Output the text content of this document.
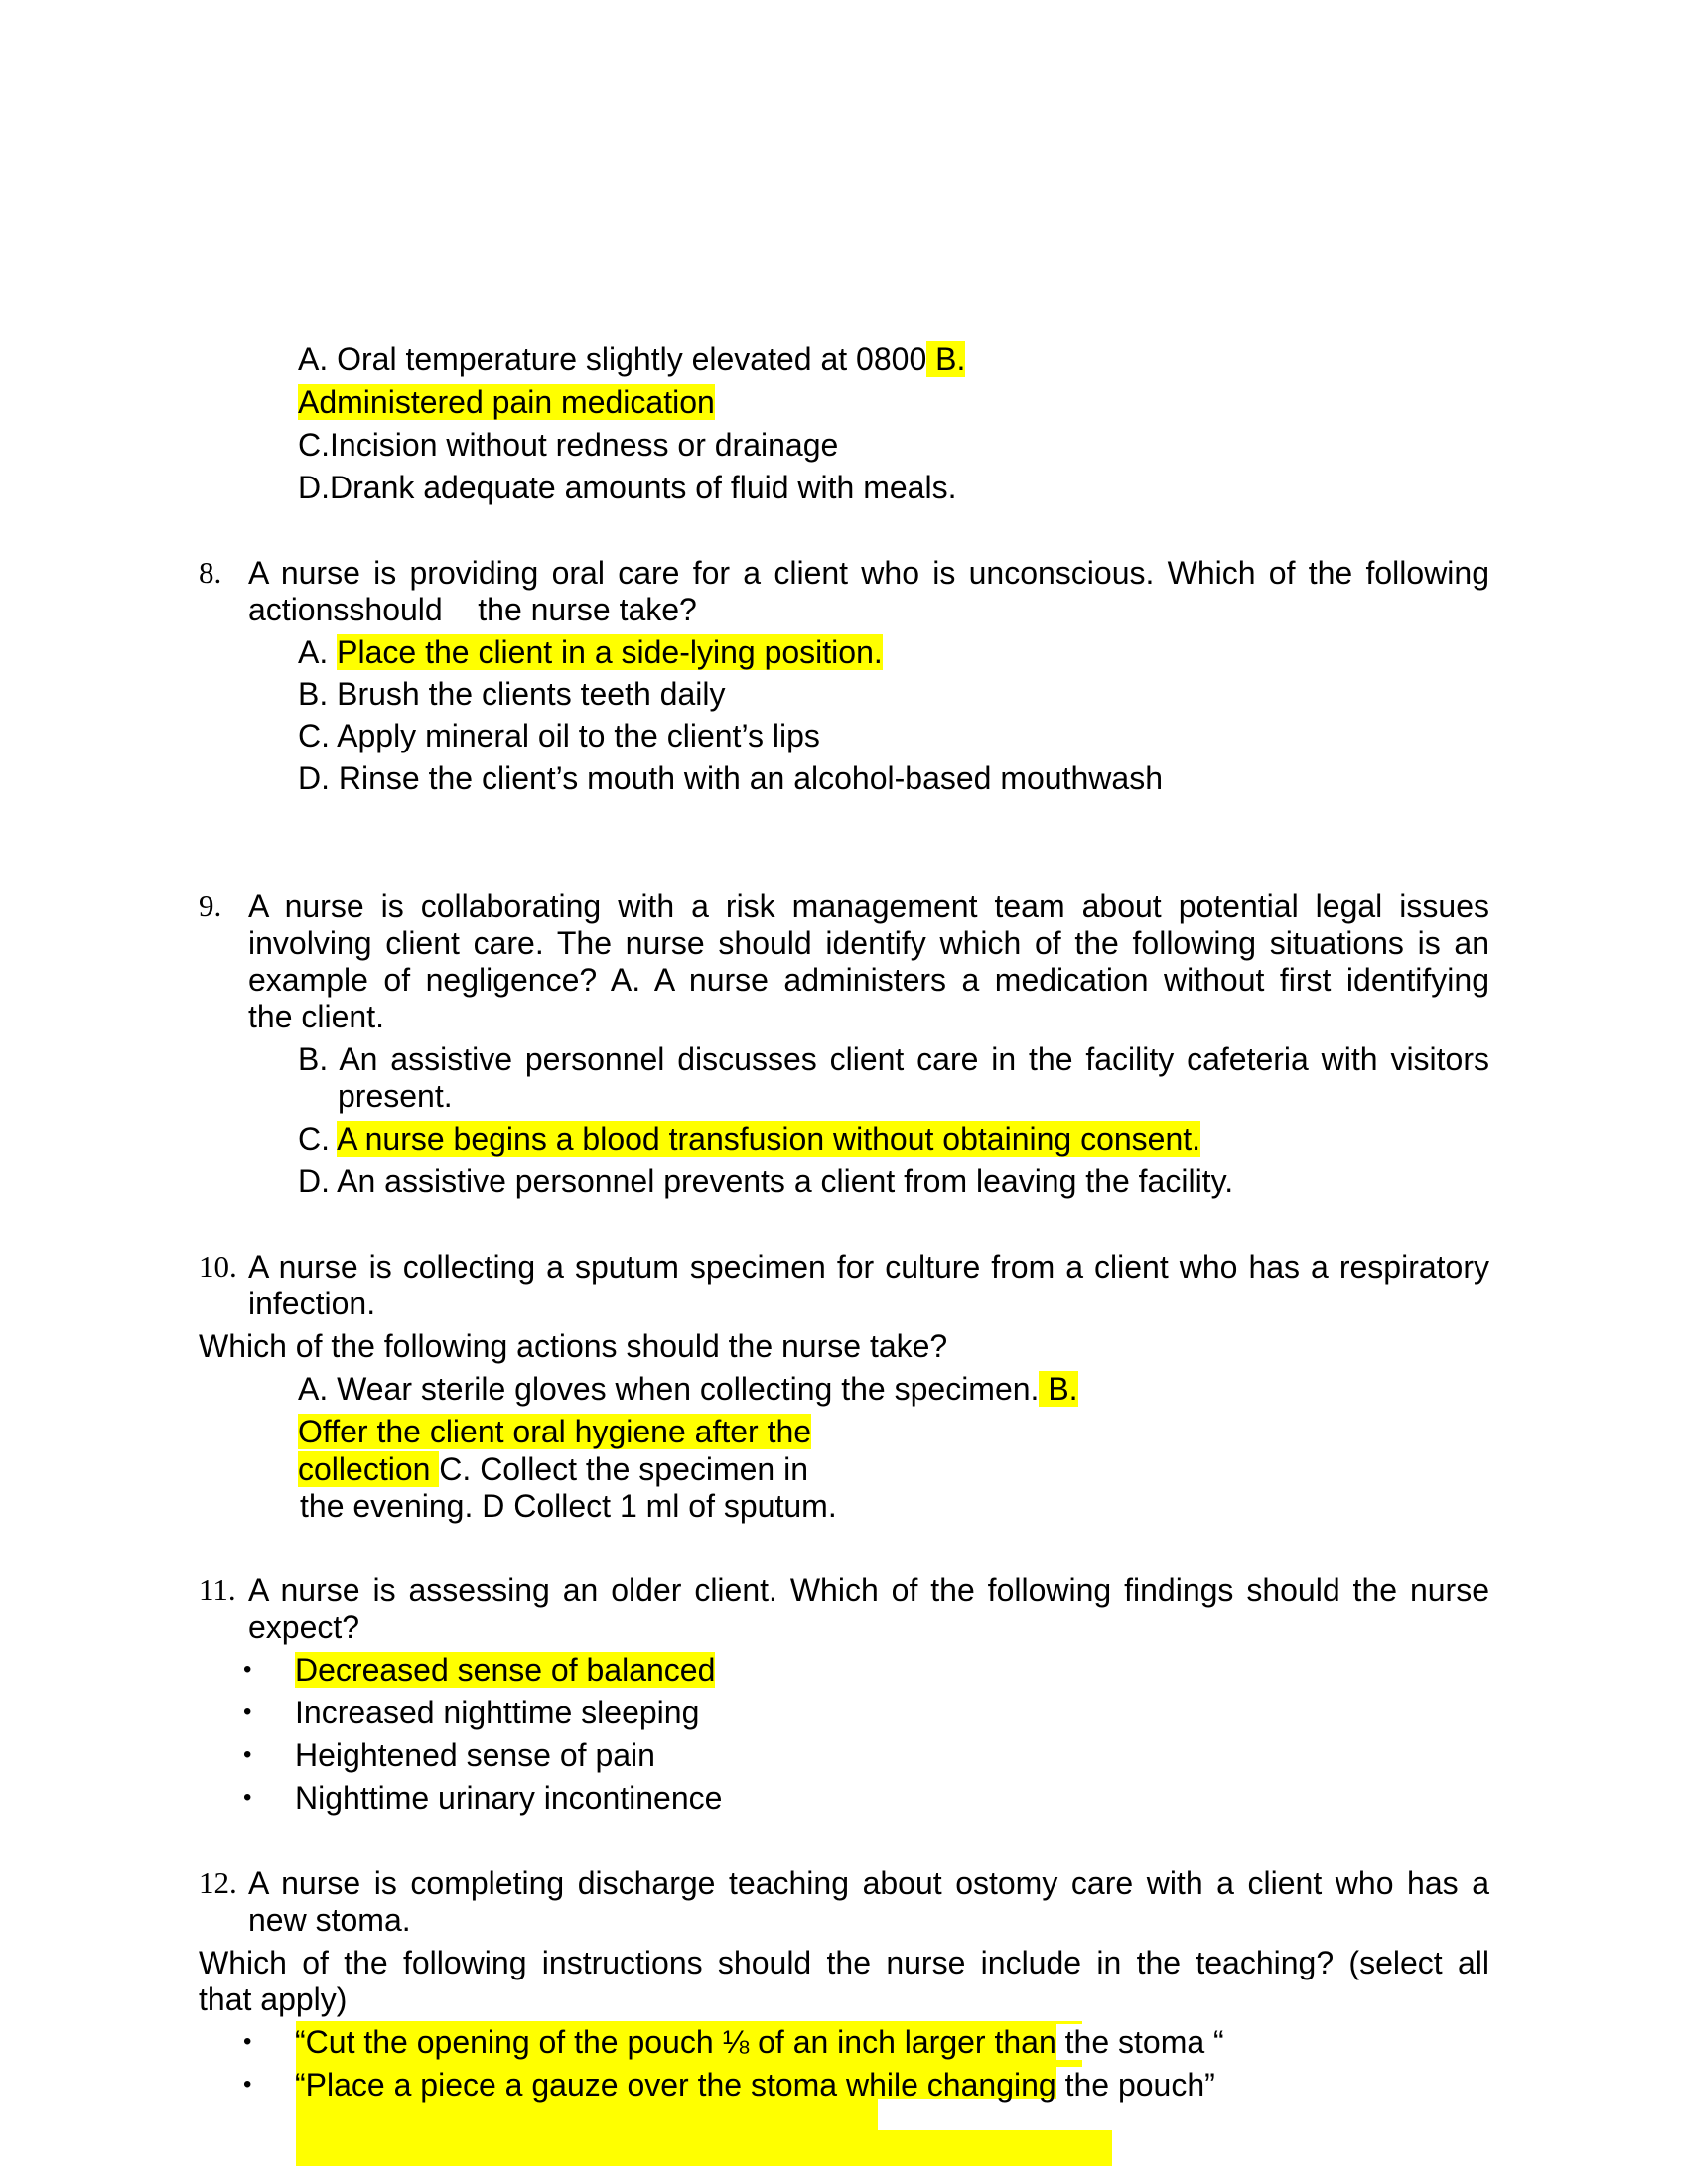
A. Oral temperature slightly elevated at 0800 B.
Administered pain medication
C.Incision without redness or drainage
D.Drank adequate amounts of fluid with meals.
8. A nurse is providing oral care for a client who is unconscious. Which of the following
actionsshould    the nurse take?
A. Place the client in a side-lying position.
B. Brush the clients teeth daily
C. Apply mineral oil to the client’s lips
D. Rinse the client’s mouth with an alcohol-based mouthwash
9. A nurse is collaborating with a risk management team about potential legal issues
involving client care. The nurse should identify which of the following situations is an
example of negligence? A. A nurse administers a medication without first identifying
the client.
B. An assistive personnel discusses client care in the facility cafeteria with visitors
present.
C. A nurse begins a blood transfusion without obtaining consent.
D. An assistive personnel prevents a client from leaving the facility.
10. A nurse is collecting a sputum specimen for culture from a client who has a respiratory
infection.
Which of the following actions should the nurse take?
A. Wear sterile gloves when collecting the specimen. B.
Offer the client oral hygiene after the
collection C. Collect the specimen in
the evening. D Collect 1 ml of sputum.
11. A nurse is assessing an older client. Which of the following findings should the nurse
expect?
• Decreased sense of balanced
• Increased nighttime sleeping
• Heightened sense of pain
• Nighttime urinary incontinence
12. A nurse is completing discharge teaching about ostomy care with a client who has a
new stoma.
Which of the following instructions should the nurse include in the teaching? (select all
that apply)
• “Cut the opening of the pouch ⅛ of an inch larger than the stoma “
• “Place a piece a gauze over the stoma while changing the pouch”
